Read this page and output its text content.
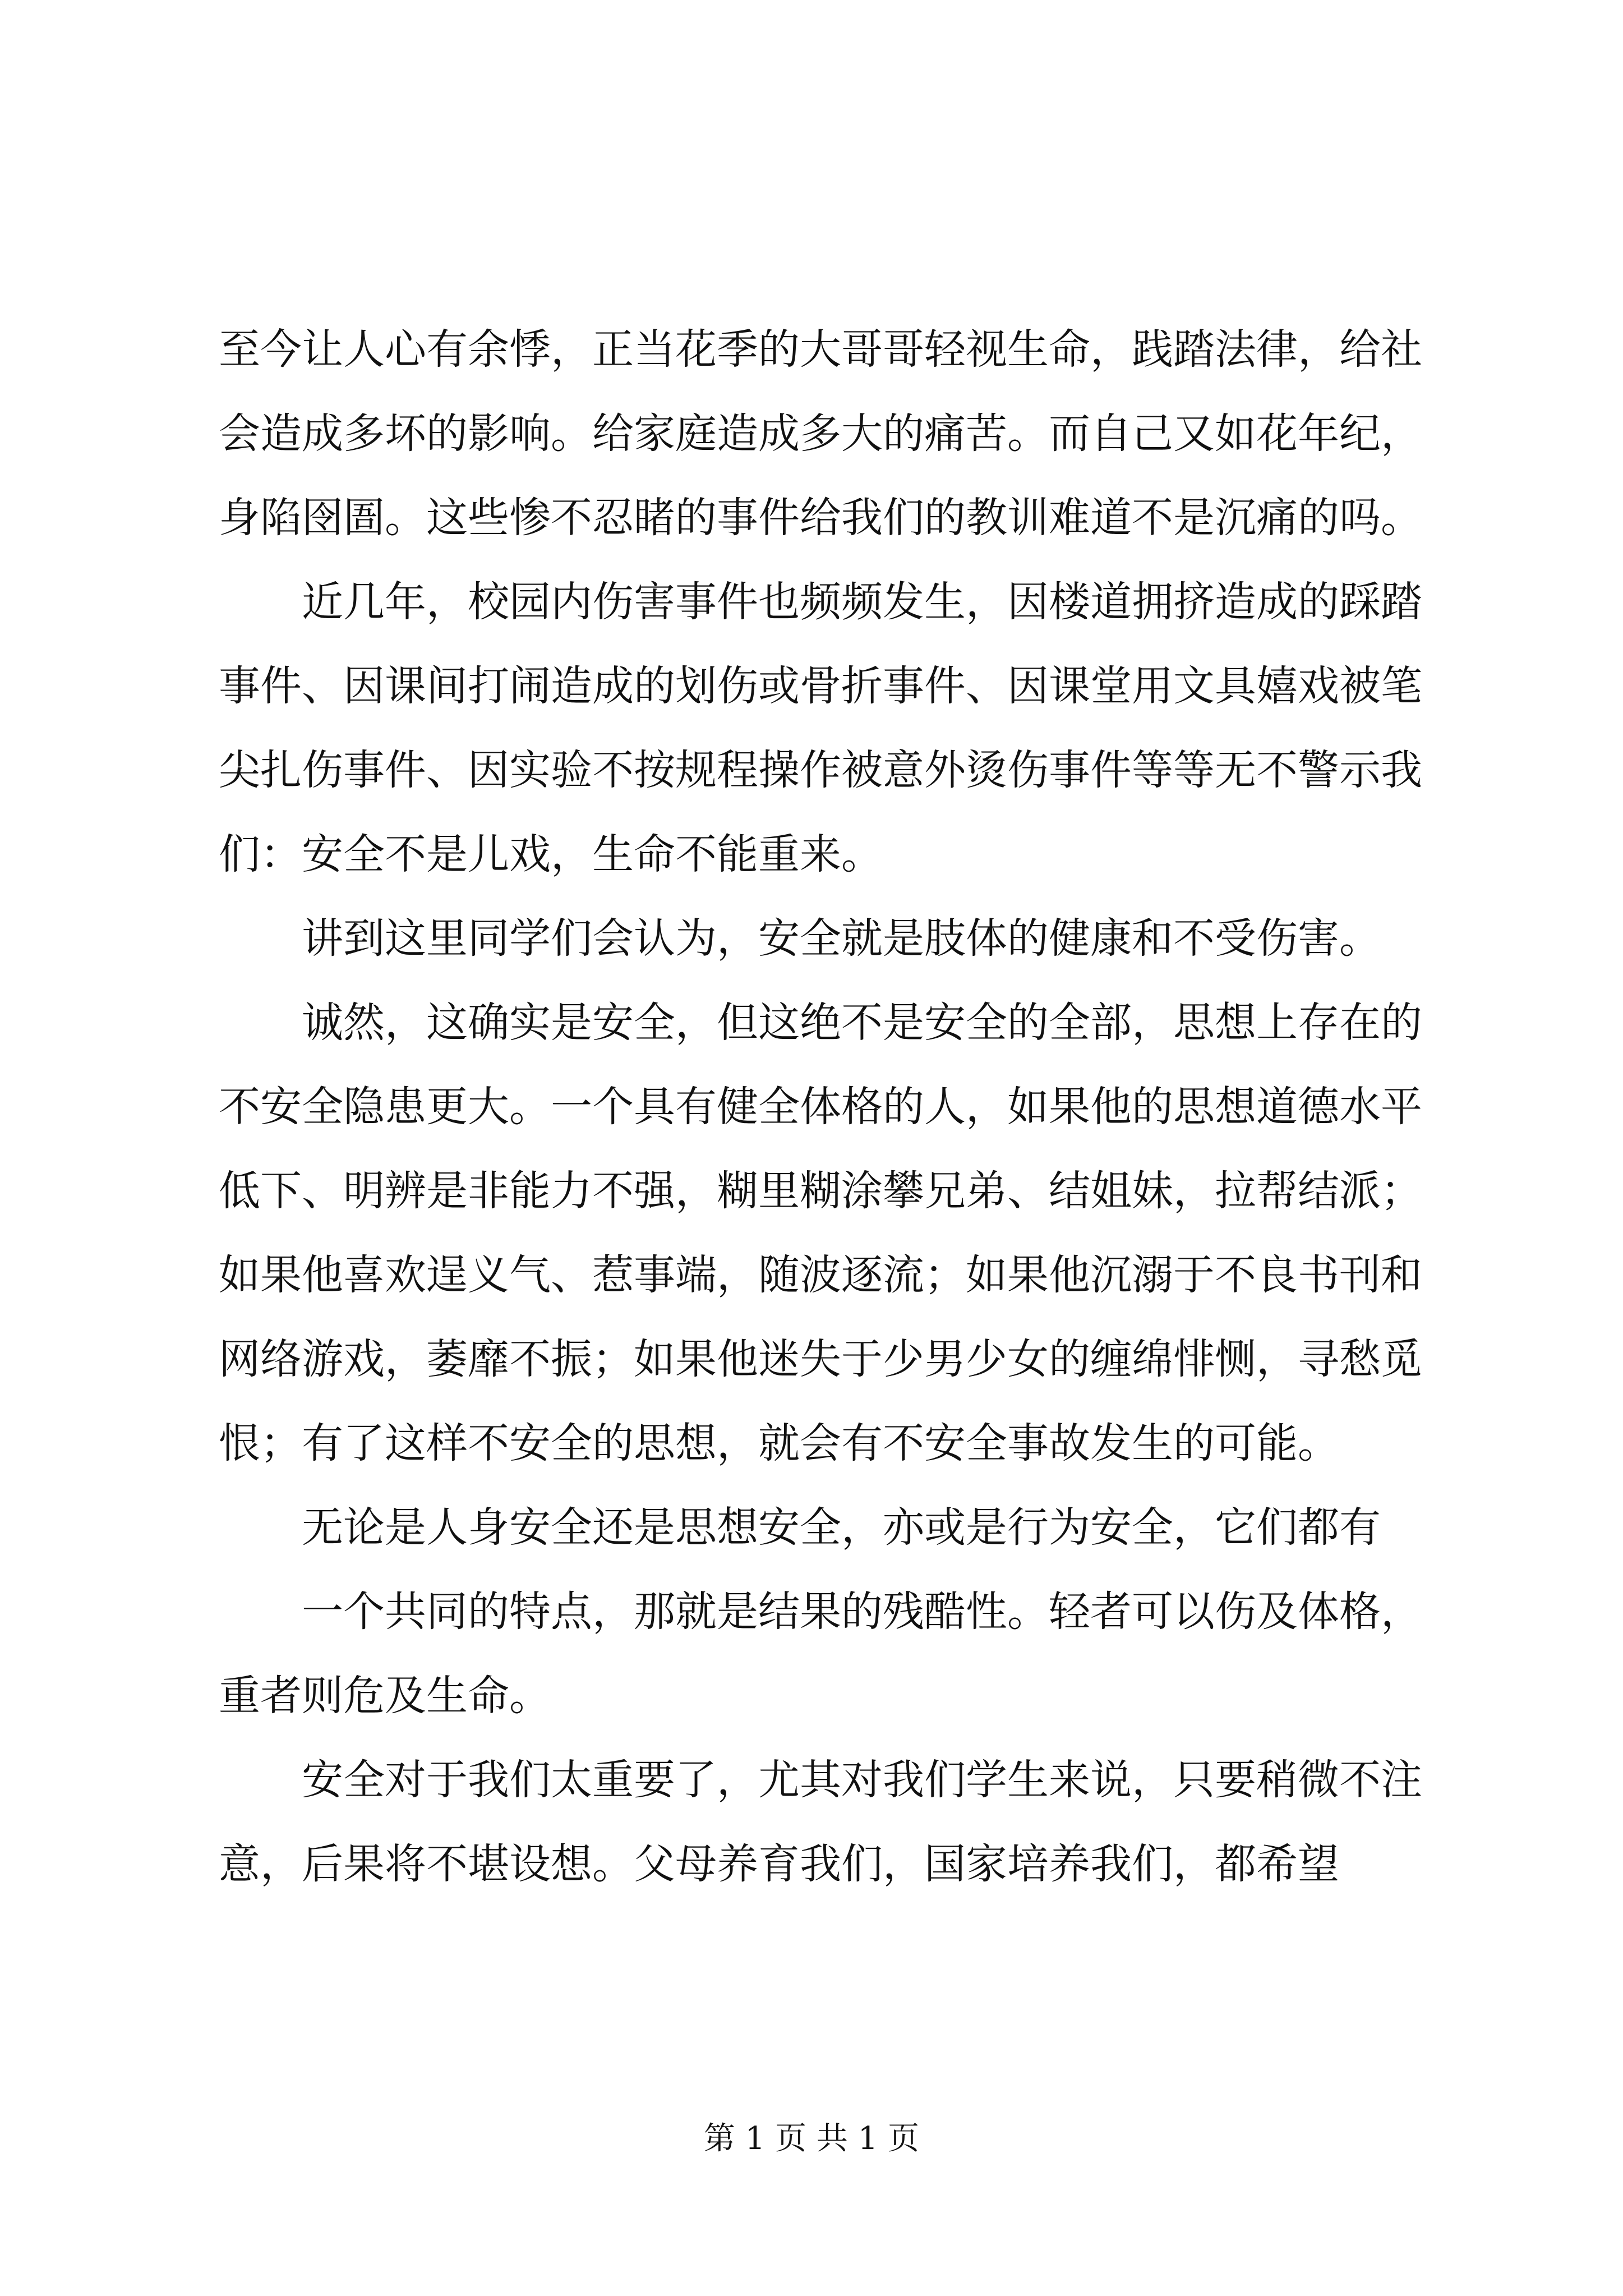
至今让人心有余悸，正当花季的大哥哥轻视生命，践踏法律，给社会造成多坏的影响。给家庭造成多大的痛苦。而自己又如花年纪，身陷囹圄。这些惨不忍睹的事件给我们的教训难道不是沉痛的吗。

近几年，校园内伤害事件也频频发生，因楼道拥挤造成的踩踏事件、因课间打闹造成的划伤或骨折事件、因课堂用文具嬉戏被笔尖扎伤事件、因实验不按规程操作被意外烫伤事件等等无不警示我们：安全不是儿戏，生命不能重来。

讲到这里同学们会认为，安全就是肢体的健康和不受伤害。

诚然，这确实是安全，但这绝不是安全的全部，思想上存在的不安全隐患更大。一个具有健全体格的人，如果他的思想道德水平低下、明辨是非能力不强，糊里糊涂攀兄弟、结姐妹，拉帮结派；如果他喜欢逞义气、惹事端，随波逐流；如果他沉溺于不良书刊和网络游戏，萎靡不振；如果他迷失于少男少女的缠绵悱恻，寻愁觅恨；有了这样不安全的思想，就会有不安全事故发生的可能。

无论是人身安全还是思想安全，亦或是行为安全，它们都有

一个共同的特点，那就是结果的残酷性。轻者可以伤及体格，

重者则危及生命。

安全对于我们太重要了，尤其对我们学生来说，只要稍微不注意，后果将不堪设想。父母养育我们，国家培养我们，都希望

第 1 页 共 1 页
